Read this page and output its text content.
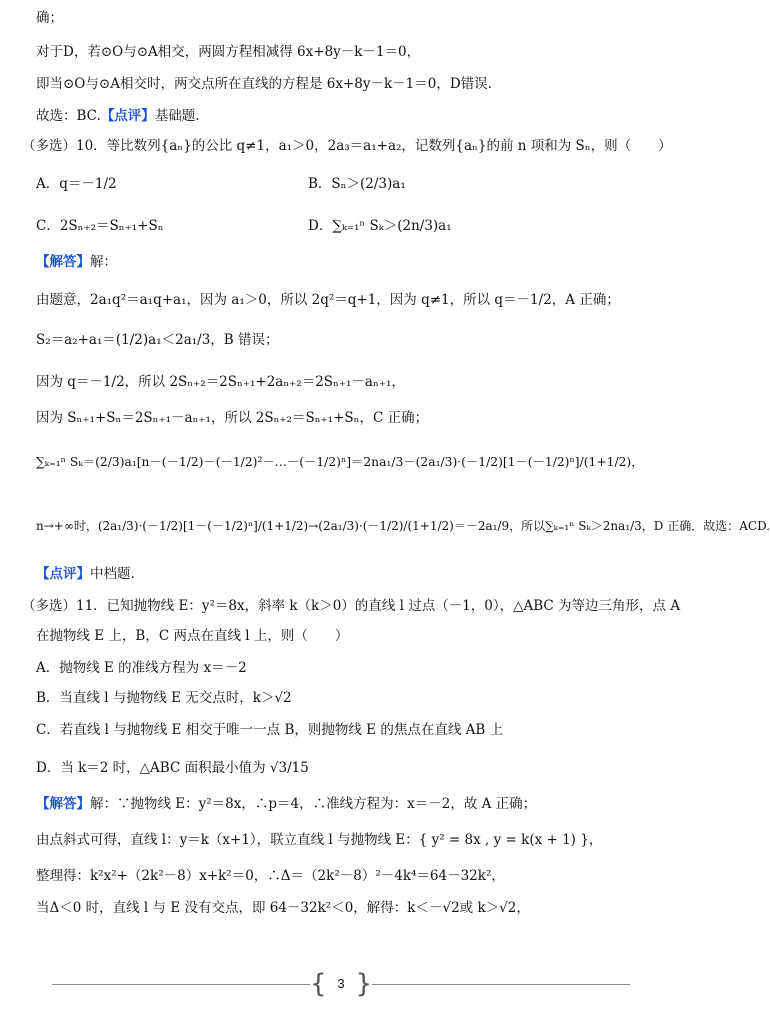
确；
对于D，若⊙O与⊙A相交，两圆方程相减得 6x+8y－k－1＝0，
即当⊙O与⊙A相交时，两交点所在直线的方程是 6x+8y－k－1＝0，D错误.
故选：BC.【点评】基础题.
（多选）10．等比数列{aₙ}的公比 q≠1，a₁＞0，2a₃＝a₁+a₂，记数列{aₙ}的前 n 项和为 Sₙ，则（　　）
A．q＝－1/2	B．Sₙ＞(2/3)a₁
C．2Sₙ₊₂＝Sₙ₊₁+Sₙ	D．∑ₖ₌₁ⁿ Sₖ＞(2n/3)a₁
【解答】解：
由题意，2a₁q²＝a₁q+a₁，因为 a₁＞0，所以 2q²＝q+1，因为 q≠1，所以 q＝－1/2，A 正确；
S₂＝a₂+a₁＝(1/2)a₁＜2a₁/3，B 错误；
因为 q＝－1/2，所以 2Sₙ₊₂＝2Sₙ₊₁+2aₙ₊₂＝2Sₙ₊₁－aₙ₊₁，
因为 Sₙ₊₁+Sₙ＝2Sₙ₊₁－aₙ₊₁，所以 2Sₙ₊₂＝Sₙ₊₁+Sₙ，C 正确；
∑ₖ₌₁ⁿ Sₖ＝(2/3)a₁[n－(－1/2)－(－1/2)²－…－(－1/2)ⁿ]＝2na₁/3－(2a₁/3)·(－1/2)[1－(－1/2)ⁿ]/(1+1/2)，
n→+∞时，(2a₁/3)·(－1/2)[1－(－1/2)ⁿ]/(1+1/2)→(2a₁/3)·(－1/2)/(1+1/2)＝－2a₁/9，所以∑ₖ₌₁ⁿ Sₖ＞2na₁/3，D 正确．故选：ACD.
【点评】中档题.
（多选）11．已知抛物线 E：y²＝8x，斜率 k（k＞0）的直线 l 过点（－1，0），△ABC 为等边三角形，点 A
在抛物线 E 上，B，C 两点在直线 l 上，则（　　）
A．抛物线 E 的准线方程为 x＝－2
B．当直线 l 与抛物线 E 无交点时，k＞√2
C．若直线 l 与抛物线 E 相交于唯一一点 B，则抛物线 E 的焦点在直线 AB 上
D．当 k＝2 时，△ABC 面积最小值为 √3/15
【解答】解：∵抛物线 E：y²＝8x，∴p＝4，∴准线方程为：x＝－2，故 A 正确；
由点斜式可得，直线 l：y＝k（x+1），联立直线 l 与抛物线 E：{ y² = 8x , y = k(x + 1) }，
整理得：k²x²+（2k²－8）x+k²＝0，∴Δ＝（2k²－8）²－4k⁴＝64－32k²，
当Δ＜0 时，直线 l 与 E 没有交点，即 64－32k²＜0，解得：k＜－√2或 k＞√2，
{ 3 }
